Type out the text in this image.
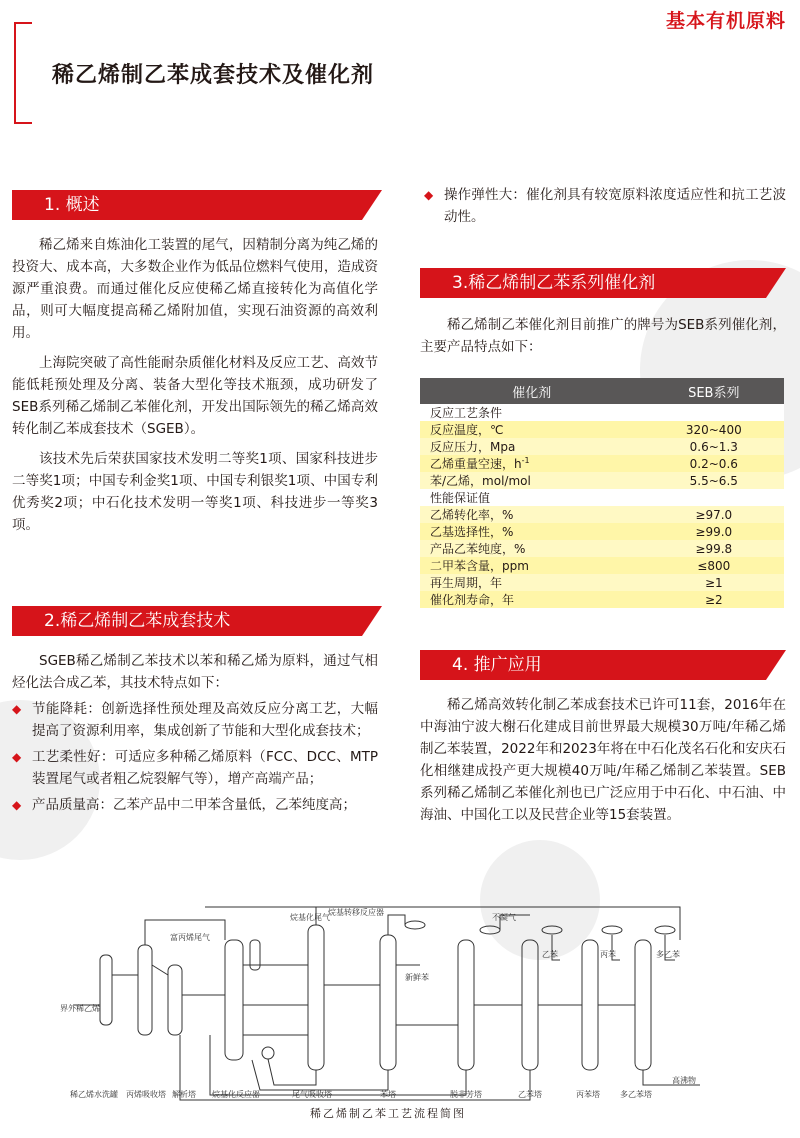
基本有机原料
稀乙烯制乙苯成套技术及催化剂
1. 概述

稀乙烯来自炼油化工装置的尾气，因精制分离为纯乙烯的投资大、成本高，大多数企业作为低品位燃料气使用，造成资源严重浪费。而通过催化反应使稀乙烯直接转化为高值化学品，则可大幅度提高稀乙烯附加值，实现石油资源的高效利用。

上海院突破了高性能耐杂质催化材料及反应工艺、高效节能低耗预处理及分离、装备大型化等技术瓶颈，成功研发了SEB系列稀乙烯制乙苯催化剂，开发出国际领先的稀乙烯高效转化制乙苯成套技术（SGEB）。

该技术先后荣获国家技术发明二等奖1项、国家科技进步二等奖1项；中国专利金奖1项、中国专利银奖1项、中国专利优秀奖2项；中石化技术发明一等奖1项、科技进步一等奖3项。

2.稀乙烯制乙苯成套技术

SGEB稀乙烯制乙苯技术以苯和稀乙烯为原料，通过气相烃化法合成乙苯，其技术特点如下：

◆ 节能降耗：创新选择性预处理及高效反应分离工艺，大幅提高了资源利用率，集成创新了节能和大型化成套技术；
◆ 工艺柔性好：可适应多种稀乙烯原料（FCC、DCC、MTP装置尾气或者粗乙烷裂解气等），增产高端产品；
◆ 产品质量高：乙苯产品中二甲苯含量低，乙苯纯度高；
◆ 操作弹性大：催化剂具有较宽原料浓度适应性和抗工艺波动性。
3.稀乙烯制乙苯系列催化剂

稀乙烯制乙苯催化剂目前推广的牌号为SEB系列催化剂，主要产品特点如下：

催化剂	SEB系列
反应工艺条件	
反应温度，℃	320~400
反应压力，Mpa	0.6~1.3
乙烯重量空速，$h^{-1}$	0.2~0.6
苯/乙烯，mol/mol	5.5~6.5
性能保证值	
乙烯转化率，%	≥97.0
乙基选择性，%	≥99.0
产品乙苯纯度，%	≥99.8
二甲苯含量，ppm	≤800
再生周期，年	≥1
催化剂寿命，年	≥2
4. 推广应用

稀乙烯高效转化制乙苯成套技术已许可11套，2016年在中海油宁波大榭石化建成目前世界最大规模30万吨/年稀乙烯制乙苯装置，2022年和2023年将在中石化茂名石化和安庆石化相继建成投产更大规模40万吨/年稀乙烯制乙苯装置。SEB系列稀乙烯制乙苯催化剂也已广泛应用于中石化、中石油、中海油、中国化工以及民营企业等15套装置。

界外稀乙烯
富丙烯尾气
烷基化尾气
烷基转移反应器
新鲜苯
不凝气
乙苯	丙苯	多乙苯
高沸物
稀乙烯水洗罐 丙烯吸收塔 解析塔 烷基化反应器	尾气吸收塔	苯塔	脱非芳塔	乙苯塔	丙苯塔	多乙苯塔
稀乙烯制乙苯工艺流程简图
